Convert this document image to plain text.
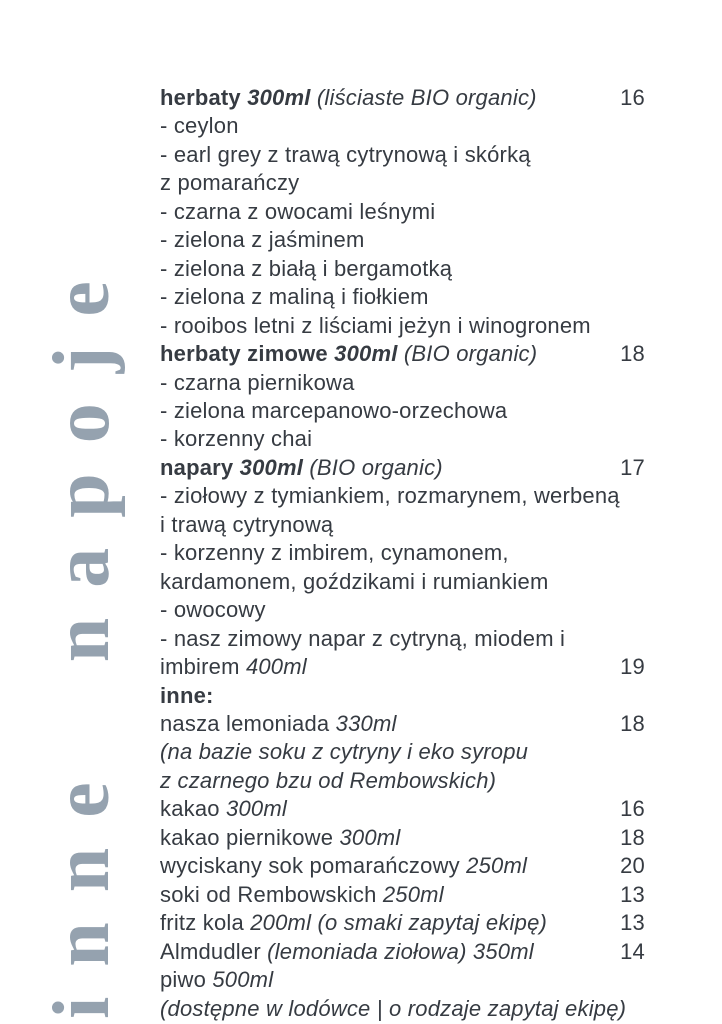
inne napoje
herbaty 300ml (liściaste BIO organic)	16
- ceylon
- earl grey z trawą cytrynową i skórką
z pomarańczy
- czarna z owocami leśnymi
- zielona z jaśminem
- zielona z białą i bergamotką
- zielona z maliną i fiołkiem
- rooibos letni z liściami jeżyn i winogronem
herbaty zimowe 300ml (BIO organic)	18
- czarna piernikowa
- zielona marcepanowo-orzechowa
- korzenny chai
napary 300ml (BIO organic)	17
- ziołowy z tymiankiem, rozmarynem, werbeną
i trawą cytrynową
- korzenny z imbirem, cynamonem,
kardamonem, goździkami i rumiankiem
- owocowy
- nasz zimowy napar z cytryną, miodem i
imbirem 400ml	19
inne:
nasza lemoniada 330ml	18
(na bazie soku z cytryny i eko syropu
z czarnego bzu od Rembowskich)
kakao 300ml	16
kakao piernikowe 300ml	18
wyciskany sok pomarańczowy 250ml	20
soki od Rembowskich 250ml	13
fritz kola 200ml (o smaki zapytaj ekipę)	13
Almdudler (lemoniada ziołowa) 350ml	14
piwo 500ml
(dostępne w lodówce | o rodzaje zapytaj ekipę)
